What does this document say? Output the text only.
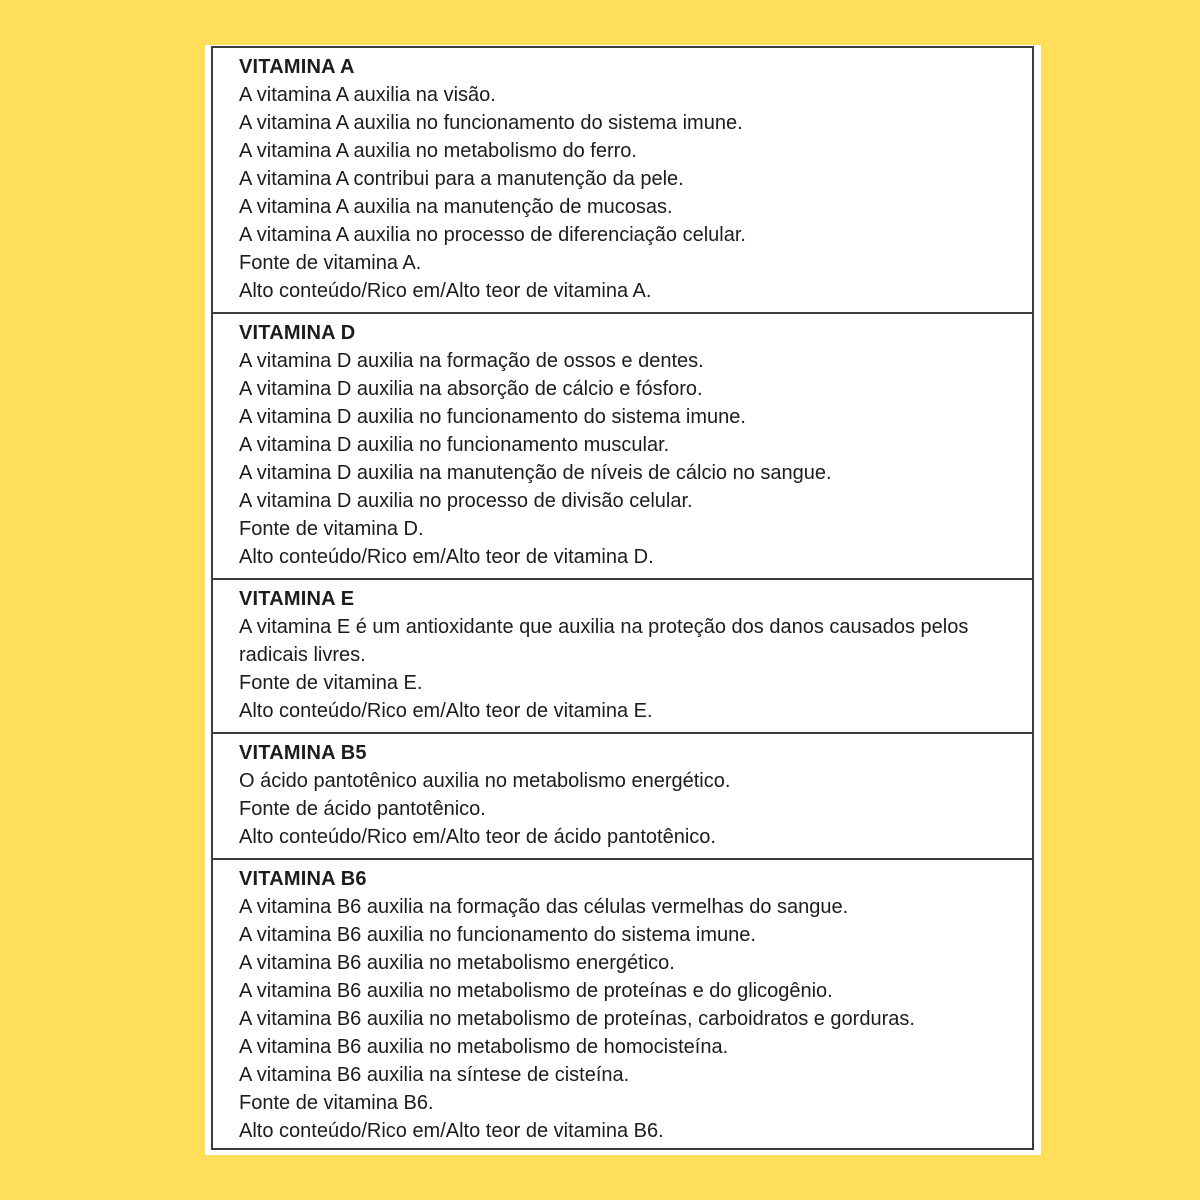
VITAMINA A
A vitamina A auxilia na visão.
A vitamina A auxilia no funcionamento do sistema imune.
A vitamina A auxilia no metabolismo do ferro.
A vitamina A contribui para a manutenção da pele.
A vitamina A auxilia na manutenção de mucosas.
A vitamina A auxilia no processo de diferenciação celular.
Fonte de vitamina A.
Alto conteúdo/Rico em/Alto teor de vitamina A.
VITAMINA D
A vitamina D auxilia na formação de ossos e dentes.
A vitamina D auxilia na absorção de cálcio e fósforo.
A vitamina D auxilia no funcionamento do sistema imune.
A vitamina D auxilia no funcionamento muscular.
A vitamina D auxilia na manutenção de níveis de cálcio no sangue.
A vitamina D auxilia no processo de divisão celular.
Fonte de vitamina D.
Alto conteúdo/Rico em/Alto teor de vitamina D.
VITAMINA E
A vitamina E é um antioxidante que auxilia na proteção dos danos causados pelos radicais livres.
Fonte de vitamina E.
Alto conteúdo/Rico em/Alto teor de vitamina E.
VITAMINA B5
O ácido pantotênico auxilia no metabolismo energético.
Fonte de ácido pantotênico.
Alto conteúdo/Rico em/Alto teor de ácido pantotênico.
VITAMINA B6
A vitamina B6 auxilia na formação das células vermelhas do sangue.
A vitamina B6 auxilia no funcionamento do sistema imune.
A vitamina B6 auxilia no metabolismo energético.
A vitamina B6 auxilia no metabolismo de proteínas e do glicogênio.
A vitamina B6 auxilia no metabolismo de proteínas, carboidratos e gorduras.
A vitamina B6 auxilia no metabolismo de homocisteína.
A vitamina B6 auxilia na síntese de cisteína.
Fonte de vitamina B6.
Alto conteúdo/Rico em/Alto teor de vitamina B6.
